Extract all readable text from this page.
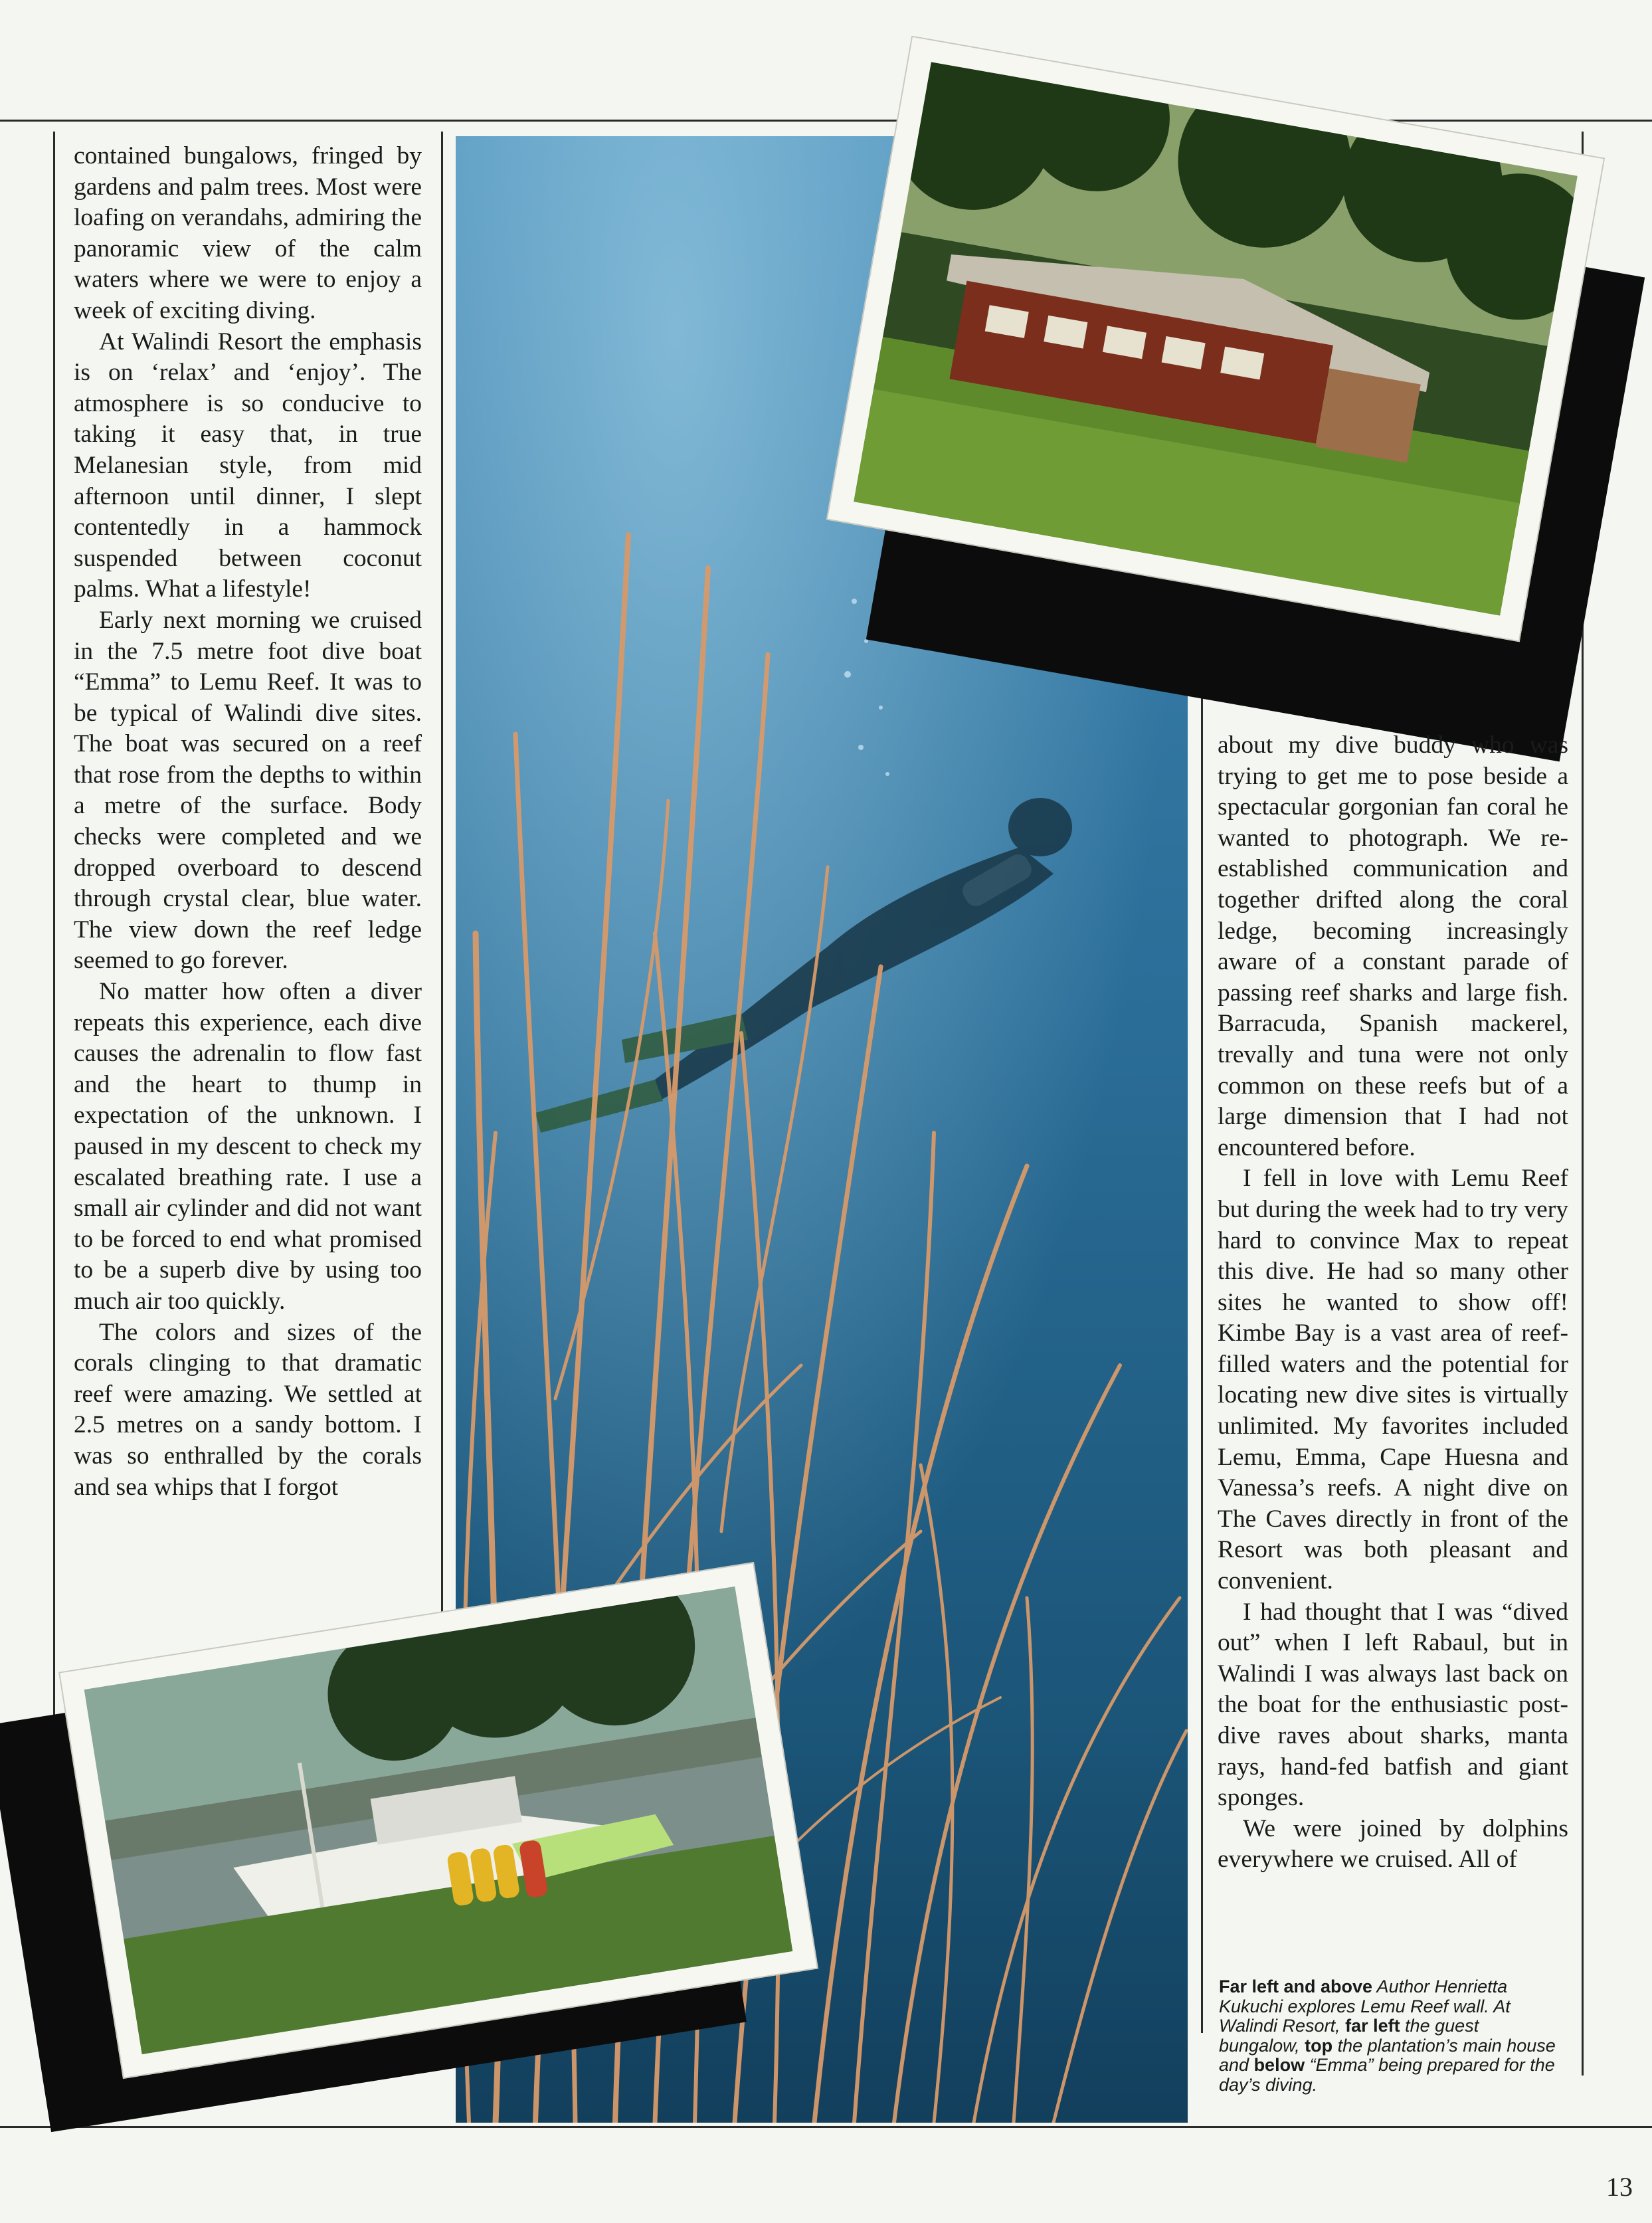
contained bungalows, fringed by gardens and palm trees. Most were loafing on verandahs, admiring the panoramic view of the calm waters where we were to enjoy a week of exciting diving.

At Walindi Resort the emphasis is on ‘relax’ and ‘enjoy’. The atmosphere is so conducive to taking it easy that, in true Melanesian style, from mid afternoon until dinner, I slept contentedly in a hammock suspended between coconut palms. What a lifestyle!

Early next morning we cruised in the 7.5 metre foot dive boat “Emma” to Lemu Reef. It was to be typical of Walindi dive sites. The boat was secured on a reef that rose from the depths to within a metre of the surface. Body checks were completed and we dropped overboard to descend through crystal clear, blue water. The view down the reef ledge seemed to go forever.

No matter how often a diver repeats this experience, each dive causes the adrenalin to flow fast and the heart to thump in expectation of the unknown. I paused in my descent to check my escalated breathing rate. I use a small air cylinder and did not want to be forced to end what promised to be a superb dive by using too much air too quickly.

The colors and sizes of the corals clinging to that dramatic reef were amazing. We settled at 2.5 metres on a sandy bottom. I was so enthralled by the corals and sea whips that I forgot

about my dive buddy who was trying to get me to pose beside a spectacular gorgonian fan coral he wanted to photograph. We re-established communication and together drifted along the coral ledge, becoming increasingly aware of a constant parade of passing reef sharks and large fish. Barracuda, Spanish mackerel, trevally and tuna were not only common on these reefs but of a large dimension that I had not encountered before.

I fell in love with Lemu Reef but during the week had to try very hard to convince Max to repeat this dive. He had so many other sites he wanted to show off! Kimbe Bay is a vast area of reef-filled waters and the potential for locating new dive sites is virtually unlimited. My favorites included Lemu, Emma, Cape Huesna and Vanessa’s reefs. A night dive on The Caves directly in front of the Resort was both pleasant and convenient.

I had thought that I was “dived out” when I left Rabaul, but in Walindi I was always last back on the boat for the enthusiastic post-dive raves about sharks, manta rays, hand-fed batfish and giant sponges.

We were joined by dolphins everywhere we cruised. All of

Far left and above Author Henrietta Kukuchi explores Lemu Reef wall. At Walindi Resort, far left the guest bungalow, top the plantation’s main house and below “Emma” being prepared for the day’s diving.
13
